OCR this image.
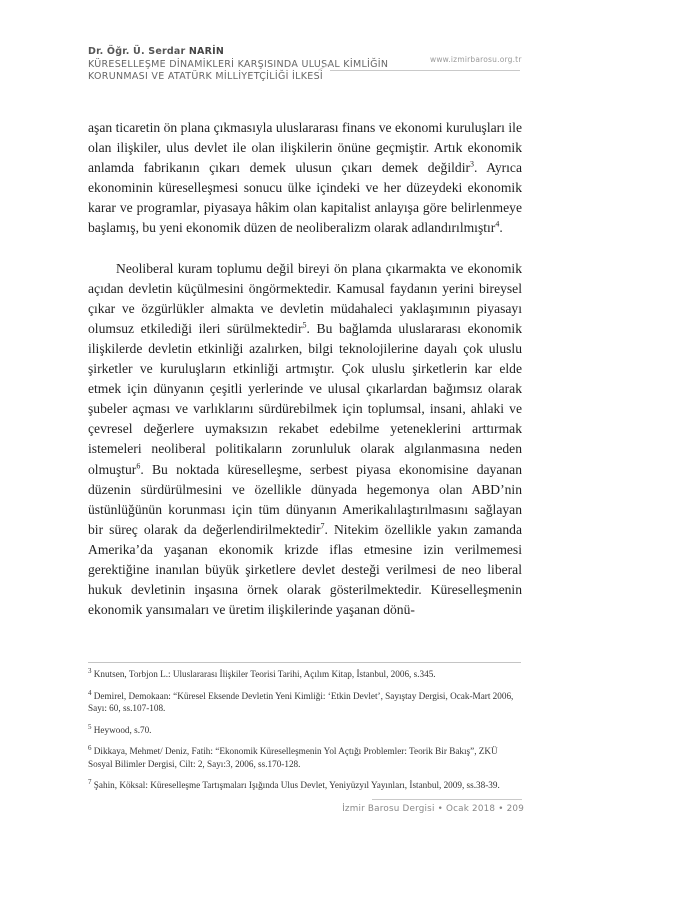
Dr. Öğr. Ü. Serdar NARİN
KÜRESELLEŞME DİNAMİKLERİ KARŞISINDA ULUSAL KİMLİĞİN
KORUNMASI VE ATATÜRK MİLLİYETÇİLİĞİ İLKESİ
www.izmirbarosu.org.tr

aşan ticaretin ön plana çıkmasıyla uluslararası finans ve ekonomi kuruluşları ile olan ilişkiler, ulus devlet ile olan ilişkilerin önüne geçmiştir. Artık ekonomik anlamda fabrikanın çıkarı demek ulusun çıkarı demek değildir$^3$. Ayrıca ekonominin küreselleşmesi sonucu ülke içindeki ve her düzeydeki ekonomik karar ve programlar, piyasaya hâkim olan kapitalist anlayışa göre belirlenmeye başlamış, bu yeni ekonomik düzen de neoliberalizm olarak adlandırılmıştır$^4$.

Neoliberal kuram toplumu değil bireyi ön plana çıkarmakta ve ekonomik açıdan devletin küçülmesini öngörmektedir. Kamusal faydanın yerini bireysel çıkar ve özgürlükler almakta ve devletin müdahaleci yaklaşımının piyasayı olumsuz etkilediği ileri sürülmektedir$^5$. Bu bağlamda uluslararası ekonomik ilişkilerde devletin etkinliği azalırken, bilgi teknolojilerine dayalı çok uluslu şirketler ve kuruluşların etkinliği artmıştır. Çok uluslu şirketlerin kar elde etmek için dünyanın çeşitli yerlerinde ve ulusal çıkarlardan bağımsız olarak şubeler açması ve varlıklarını sürdürebilmek için toplumsal, insani, ahlaki ve çevresel değerlere uymaksızın rekabet edebilme yeteneklerini arttırmak istemeleri neoliberal politikaların zorunluluk olarak algılanmasına neden olmuştur$^6$. Bu noktada küreselleşme, serbest piyasa ekonomisine dayanan düzenin sürdürülmesini ve özellikle dünyada hegemonya olan ABD’nin üstünlüğünün korunması için tüm dünyanın Amerikalılaştırılmasını sağlayan bir süreç olarak da değerlendirilmektedir$^7$. Nitekim özellikle yakın zamanda Amerika’da yaşanan ekonomik krizde iflas etmesine izin verilmemesi gerektiğine inanılan büyük şirketlere devlet desteği verilmesi de neo liberal hukuk devletinin inşasına örnek olarak gösterilmektedir. Küreselleşmenin ekonomik yansımaları ve üretim ilişkilerinde yaşanan dönü-

$^3$ Knutsen, Torbjon L.: Uluslararası İlişkiler Teorisi Tarihi, Açılım Kitap, İstanbul, 2006, s.345.

$^4$ Demirel, Demokaan: “Küresel Eksende Devletin Yeni Kimliği: ‘Etkin Devlet’, Sayıştay Dergisi, Ocak-Mart 2006, Sayı: 60, ss.107-108.

$^5$ Heywood, s.70.

$^6$ Dikkaya, Mehmet/ Deniz, Fatih: “Ekonomik Küreselleşmenin Yol Açtığı Problemler: Teorik Bir Bakış”, ZKÜ Sosyal Bilimler Dergisi, Cilt: 2, Sayı:3, 2006, ss.170-128.

$^7$ Şahin, Köksal: Küreselleşme Tartışmaları Işığında Ulus Devlet, Yeniyüzyıl Yayınları, İstanbul, 2009, ss.38-39.

İzmir Barosu Dergisi • Ocak 2018 • 209
